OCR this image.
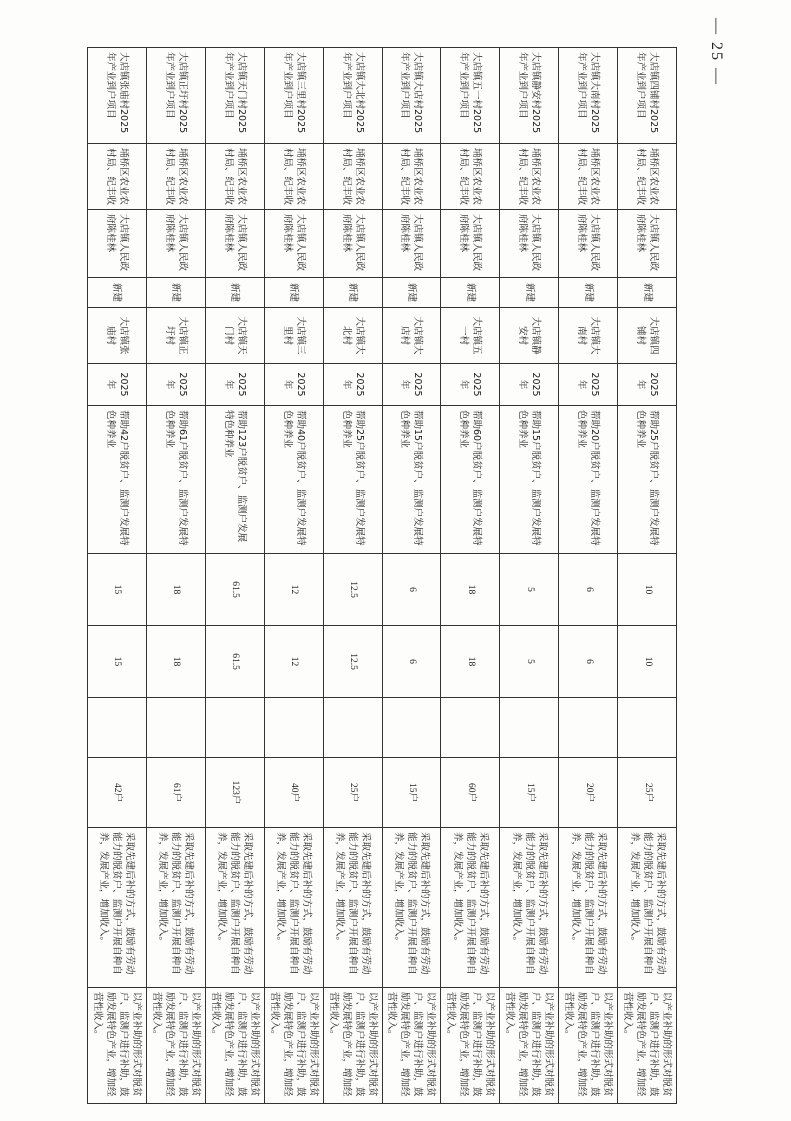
— 25 —
大店镇四铺村2025年产业到户项目	埇桥区农业农村局、纪丰收	大店镇人民政府陈桂林	新建	大店镇四铺村	2025年	帮助25户脱贫户、监测户发展特色种养业	10	10		25户	采取先建后补的方式，鼓励有劳动能力的脱贫户、监测户开展自种自养，发展产业，增加收入。	以产业补助的形式对脱贫户、监测户进行补助，鼓励发展特色产业，增加经营性收入。
大店镇大南村2025年产业到户项目	埇桥区农业农村局、纪丰收	大店镇人民政府陈桂林	新建	大店镇大南村	2025年	帮助20户脱贫户、监测户发展特色种养业	6	6		20户	采取先建后补的方式，鼓励有劳动能力的脱贫户、监测户开展自种自养，发展产业，增加收入。	以产业补助的形式对脱贫户、监测户进行补助，鼓励发展特色产业，增加经营性收入。
大店镇静安村2025年产业到户项目	埇桥区农业农村局、纪丰收	大店镇人民政府陈桂林	新建	大店镇静安村	2025年	帮助15户脱贫户、监测户发展特色种养业	5	5		15户	采取先建后补的方式，鼓励有劳动能力的脱贫户、监测户开展自种自养，发展产业，增加收入。	以产业补助的形式对脱贫户、监测户进行补助，鼓励发展特色产业，增加经营性收入。
大店镇五一村2025年产业到户项目	埇桥区农业农村局、纪丰收	大店镇人民政府陈桂林	新建	大店镇五一村	2025年	帮助60户脱贫户、监测户发展特色种养业	18	18		60户	采取先建后补的方式，鼓励有劳动能力的脱贫户、监测户开展自种自养，发展产业，增加收入。	以产业补助的形式对脱贫户、监测户进行补助，鼓励发展特色产业，增加经营性收入。
大店镇大店村2025年产业到户项目	埇桥区农业农村局、纪丰收	大店镇人民政府陈桂林	新建	大店镇大店村	2025年	帮助15户脱贫户、监测户发展特色种养业	6	6		15户	采取先建后补的方式，鼓励有劳动能力的脱贫户、监测户开展自种自养，发展产业，增加收入。	以产业补助的形式对脱贫户、监测户进行补助，鼓励发展特色产业，增加经营性收入。
大店镇大北村2025年产业到户项目	埇桥区农业农村局、纪丰收	大店镇人民政府陈桂林	新建	大店镇大北村	2025年	帮助25户脱贫户、监测户发展特色种养业	12.5	12.5		25户	采取先建后补的方式，鼓励有劳动能力的脱贫户、监测户开展自种自养，发展产业，增加收入。	以产业补助的形式对脱贫户、监测户进行补助，鼓励发展特色产业，增加经营性收入。
大店镇三里村2025年产业到户项目	埇桥区农业农村局、纪丰收	大店镇人民政府陈桂林	新建	大店镇三里村	2025年	帮助40户脱贫户、监测户发展特色种养业	12	12		40户	采取先建后补的方式，鼓励有劳动能力的脱贫户、监测户开展自种自养，发展产业，增加收入。	以产业补助的形式对脱贫户、监测户进行补助，鼓励发展特色产业，增加经营性收入。
大店镇天门村2025年产业到户项目	埇桥区农业农村局、纪丰收	大店镇人民政府陈桂林	新建	大店镇天门村	2025年	帮助123户脱贫户、监测户发展特色种养业	61.5	61.5		123户	采取先建后补的方式，鼓励有劳动能力的脱贫户、监测户开展自种自养，发展产业，增加收入。	以产业补助的形式对脱贫户、监测户进行补助，鼓励发展特色产业，增加经营性收入。
大店镇正圩村2025年产业到户项目	埇桥区农业农村局、纪丰收	大店镇人民政府陈桂林	新建	大店镇正圩村	2025年	帮助61户脱贫户、监测户发展特色种养业	18	18		61户	采取先建后补的方式，鼓励有劳动能力的脱贫户、监测户开展自种自养，发展产业，增加收入。	以产业补助的形式对脱贫户、监测户进行补助，鼓励发展特色产业，增加经营性收入。
大店镇张庙村2025年产业到户项目	埇桥区农业农村局、纪丰收	大店镇人民政府陈桂林	新建	大店镇张庙村	2025年	帮助42户脱贫户、监测户发展特色种养业	15	15		42户	采取先建后补的方式，鼓励有劳动能力的脱贫户、监测户开展自种自养，发展产业，增加收入。	以产业补助的形式对脱贫户、监测户进行补助，鼓励发展特色产业，增加经营性收入。
